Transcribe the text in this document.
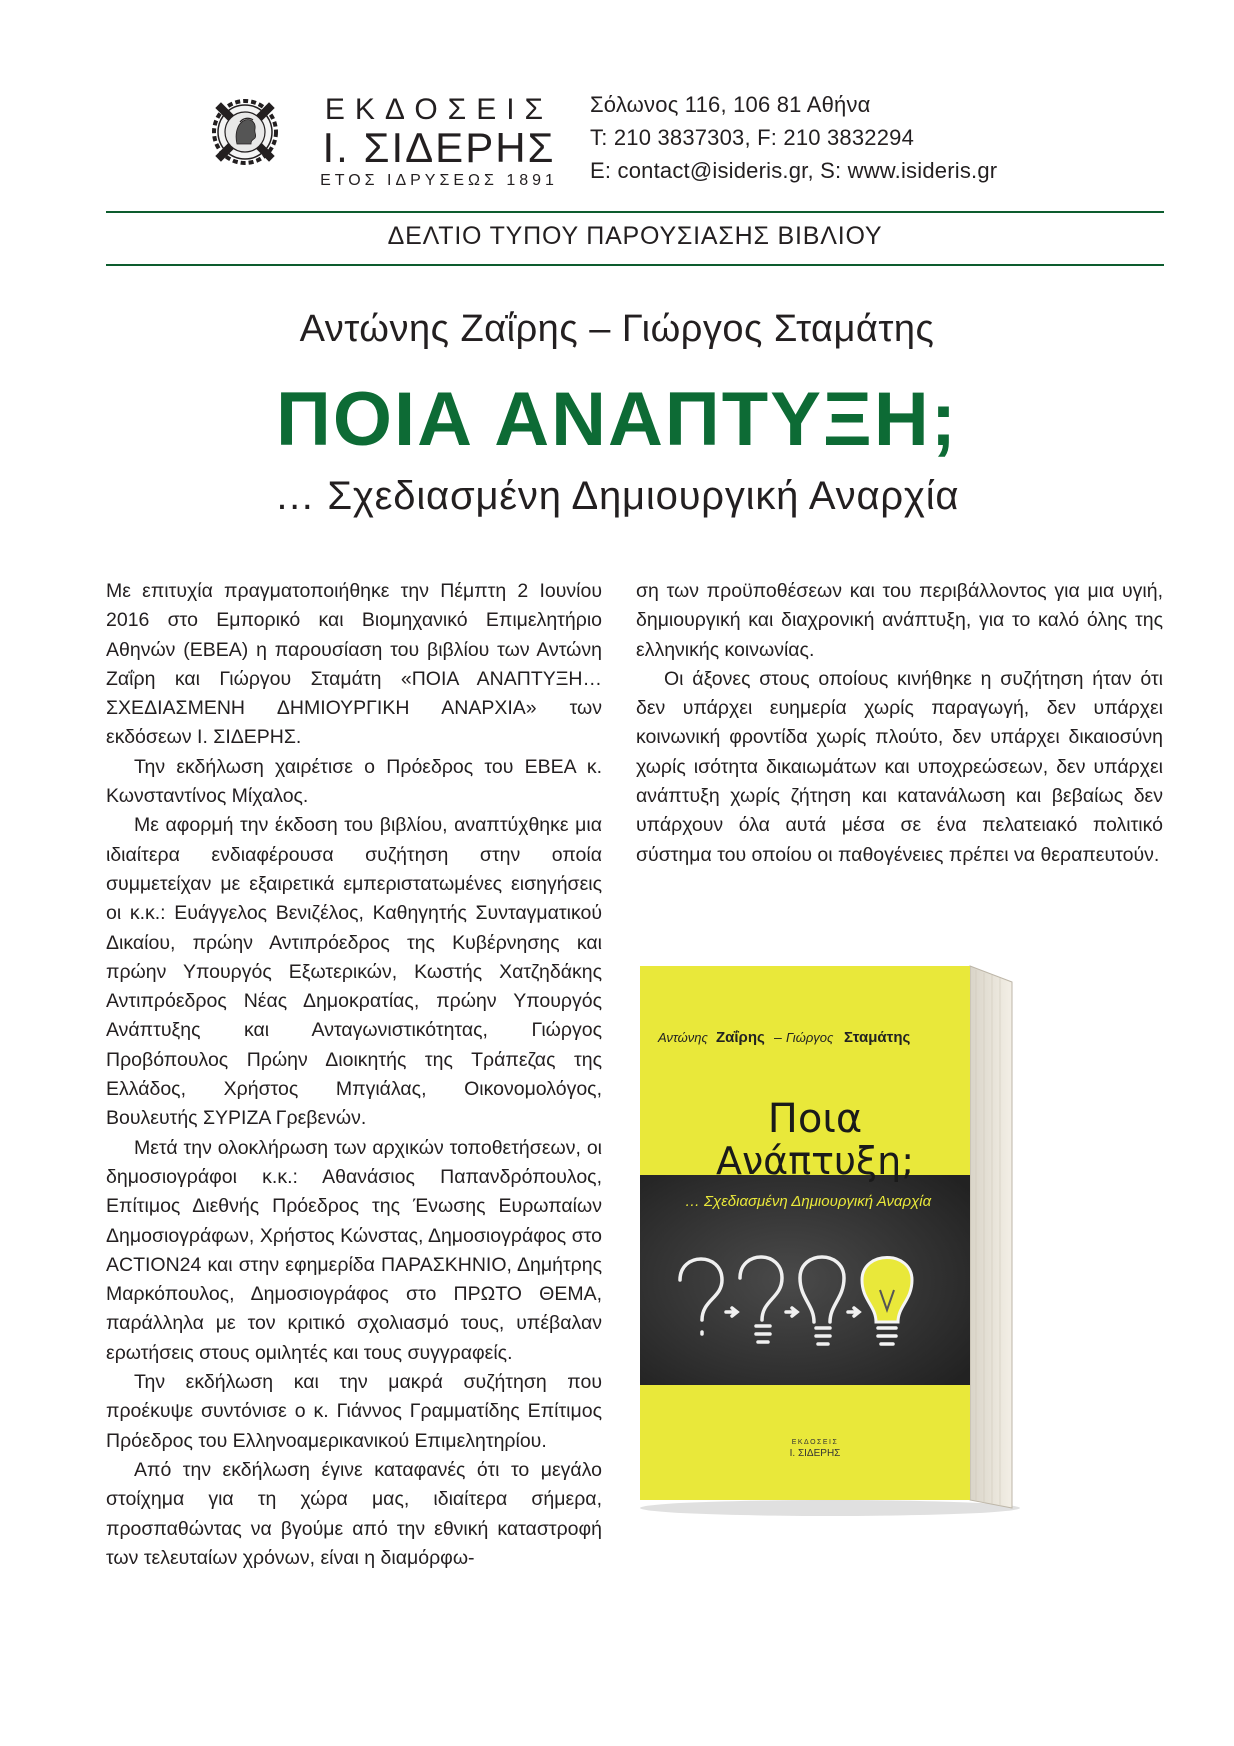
ΕΚΔΟΣΕΙΣ
Ι. ΣΙΔΕΡΗΣ
ΕΤΟΣ ΙΔΡΥΣΕΩΣ 1891
Σόλωνος 116, 106 81 Αθήνα
T: 210 3837303, F: 210 3832294
E: contact@isideris.gr, S: www.isideris.gr
ΔΕΛΤΙΟ ΤΥΠΟΥ ΠΑΡΟΥΣΙΑΣΗΣ ΒΙΒΛΙΟΥ
Αντώνης Ζαΐρης – Γιώργος Σταμάτης
ΠΟΙΑ ΑΝΑΠΤΥΞΗ;
… Σχεδιασμένη Δημιουργική Αναρχία

Με επιτυχία πραγματοποιήθηκε την Πέμπτη 2 Ιουνίου 2016 στο Εμπορικό και Βιομηχανικό Επιμελητήριο Αθηνών (ΕΒΕΑ) η παρουσίαση του βιβλίου των Αντώνη Ζαΐρη και Γιώργου Σταμάτη «ΠΟΙΑ ΑΝΑΠΤΥΞΗ…ΣΧΕΔΙΑΣΜΕΝΗ ΔΗΜΙΟΥΡΓΙΚΗ ΑΝΑΡΧΙΑ» των εκδόσεων Ι. ΣΙΔΕΡΗΣ.

Την εκδήλωση χαιρέτισε ο Πρόεδρος του ΕΒΕΑ κ. Κωνσταντίνος Μίχαλος.

Με αφορμή την έκδοση του βιβλίου, αναπτύχθηκε μια ιδιαίτερα ενδιαφέρουσα συζήτηση στην οποία συμμετείχαν με εξαιρετικά εμπεριστατωμένες εισηγήσεις οι κ.κ.: Ευάγγελος Βενιζέλος, Καθηγητής Συνταγματικού Δικαίου, πρώην Αντιπρόεδρος της Κυβέρνησης και πρώην Υπουργός Εξωτερικών, Κωστής Χατζηδάκης Αντιπρόεδρος Νέας Δημοκρατίας, πρώην Υπουργός Ανάπτυξης και Ανταγωνιστικότητας, Γιώργος Προβόπουλος Πρώην Διοικητής της Τράπεζας της Ελλάδος, Χρήστος Μπγιάλας, Οικονομολόγος, Βουλευτής ΣΥΡΙΖΑ Γρεβενών.

Μετά την ολοκλήρωση των αρχικών τοποθετήσεων, οι δημοσιογράφοι κ.κ.: Αθανάσιος Παπανδρόπουλος, Επίτιμος Διεθνής Πρόεδρος της Ένωσης Ευρωπαίων Δημοσιογράφων, Χρήστος Κώνστας, Δημοσιογράφος στο ACTION24 και στην εφημερίδα ΠΑΡΑΣΚΗΝΙΟ, Δημήτρης Μαρκόπουλος, Δημοσιογράφος στο ΠΡΩΤΟ ΘΕΜΑ, παράλληλα με τον κριτικό σχολιασμό τους, υπέβαλαν ερωτήσεις στους ομιλητές και τους συγγραφείς.

Την εκδήλωση και την μακρά συζήτηση που προέκυψε συντόνισε ο κ. Γιάννος Γραμματίδης Επίτιμος Πρόεδρος του Ελληνοαμερικανικού Επιμελητηρίου.

Από την εκδήλωση έγινε καταφανές ότι το μεγάλο στοίχημα για τη χώρα μας, ιδιαίτερα σήμερα, προσπαθώντας να βγούμε από την εθνική καταστροφή των τελευταίων χρόνων, είναι η διαμόρφω-

ση των προϋποθέσεων και του περιβάλλοντος για μια υγιή, δημιουργική και διαχρονική ανάπτυξη, για το καλό όλης της ελληνικής κοινωνίας.

Οι άξονες στους οποίους κινήθηκε η συζήτηση ήταν ότι δεν υπάρχει ευημερία χωρίς παραγωγή, δεν υπάρχει κοινωνική φροντίδα χωρίς πλούτο, δεν υπάρχει δικαιοσύνη χωρίς ισότητα δικαιωμάτων και υποχρεώσεων, δεν υπάρχει ανάπτυξη χωρίς ζήτηση και κατανάλωση και βεβαίως δεν υπάρχουν όλα αυτά μέσα σε ένα πελατειακό πολιτικό σύστημα του οποίου οι παθογένειες πρέπει να θεραπευτούν.

Αντώνης Ζαΐρης – Γιώργος Σταμάτης
Ποια
Ανάπτυξη;
… Σχεδιασμένη Δημιουργική Αναρχία
ΕΚΔΟΣΕΙΣ
Ι. ΣΙΔΕΡΗΣ
